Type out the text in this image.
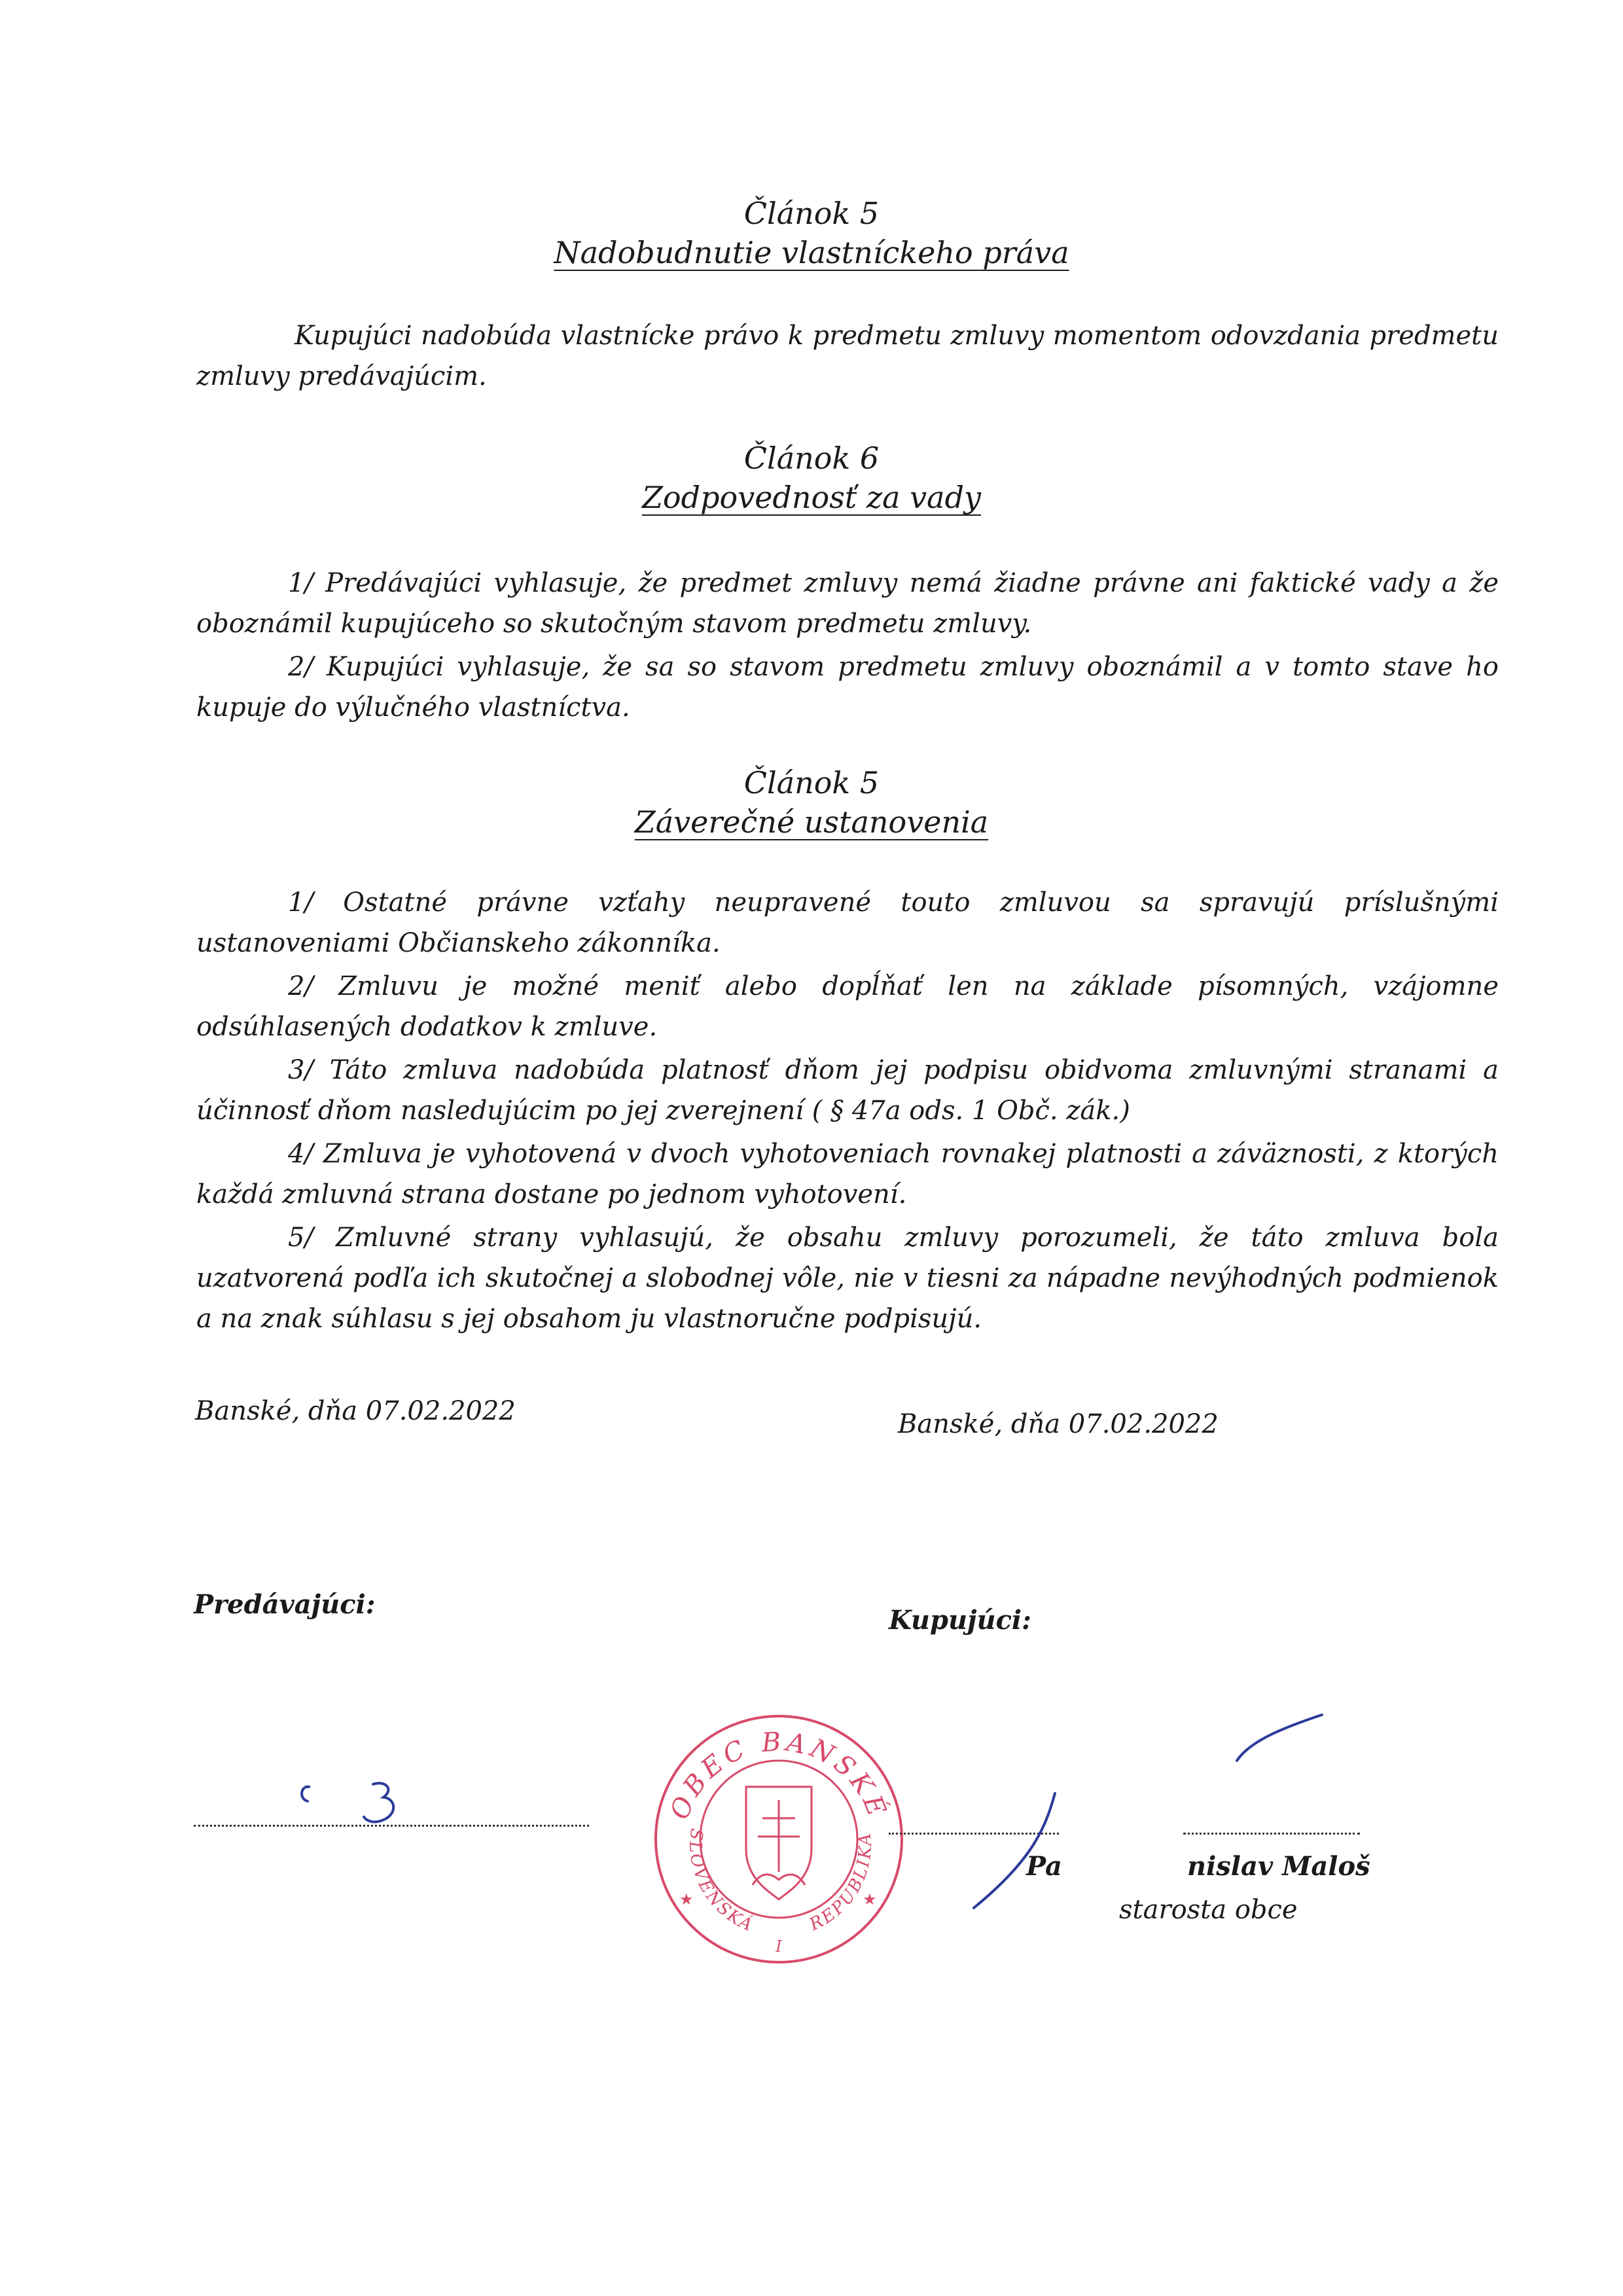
Článok 5
Nadobudnutie vlastníckeho práva

Kupujúci nadobúda vlastnícke právo k predmetu zmluvy momentom odovzdania predmetu zmluvy predávajúcim.

Článok 6
Zodpovednosť za vady

1/ Predávajúci vyhlasuje, že predmet zmluvy nemá žiadne právne ani faktické vady a že oboznámil kupujúceho so skutočným stavom predmetu zmluvy.

2/ Kupujúci vyhlasuje, že sa so stavom predmetu zmluvy oboznámil a v tomto stave ho kupuje do výlučného vlastníctva.

Článok 5
Záverečné ustanovenia

1/ Ostatné právne vzťahy neupravené touto zmluvou sa spravujú príslušnými ustanoveniami Občianskeho zákonníka.

2/ Zmluvu je možné meniť alebo dopĺňať len na základe písomných, vzájomne odsúhlasených dodatkov k zmluve.

3/ Táto zmluva nadobúda platnosť dňom jej podpisu obidvoma zmluvnými stranami a účinnosť dňom nasledujúcim po jej zverejnení ( § 47a ods. 1 Obč. zák.)

4/ Zmluva je vyhotovená v dvoch vyhotoveniach rovnakej platnosti a záväznosti, z ktorých každá zmluvná strana dostane po jednom vyhotovení.

5/ Zmluvné strany vyhlasujú, že obsahu zmluvy porozumeli, že táto zmluva bola uzatvorená podľa ich skutočnej a slobodnej vôle, nie v tiesni za nápadne nevýhodných podmienok a na znak súhlasu s jej obsahom ju vlastnoručne podpisujú.

Banské, dňa 07.02.2022	Banské, dňa 07.02.2022
Predávajúci:
Kupujúci:
OBEC BANSKÉ
SLOVENSKÁ	REPUBLIKA
I
★	★
Pa	nislav Maloš
starosta obce
